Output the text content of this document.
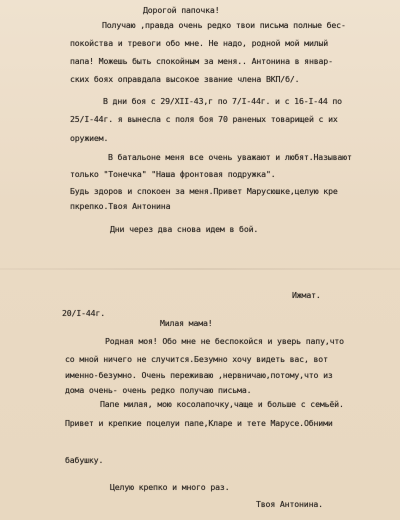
Дорогой папочка!
Получаю ,правда очень редко твои письма полные бес-
покойства и тревоги обо мне. Не надо, родной мой милый
папа! Можешь быть спокойным за меня.. Антонина в январ-
ских боях оправдала высокое звание члена ВКП/б/.
В дни боя с 29/XII-43,г по 7/I-44г. и с 16-I-44 по
25/I-44г. я вынесла с поля боя 70 раненых товарищей с их
оружием.
В батальоне меня все очень уважают и любят.Называют
только "Тонечка" "Наша фронтовая подружка".
Будь здоров и спокоен за меня.Привет Марусюшке,целую кре
пкрепко.Твоя Антонина
Дни через два снова идем в бой.
Ижмат.
20/I-44г.
Милая мама!
Родная моя! Обо мне не беспокойся и уверь папу,что
со мной ничего не случится.Безумно хочу видеть вас, вот
именно-безумно. Очень переживаю ,нервничаю,потому,что из
дома очень- очень редко получаю письма.
Папе милая, мою косолапочку,чаще и больше с семьёй.
Привет и крепкие поцелуи папе,Кларе и тете Марусе.Обними
бабушку.
Целую крепко и много раз.
Твоя Антонина.
